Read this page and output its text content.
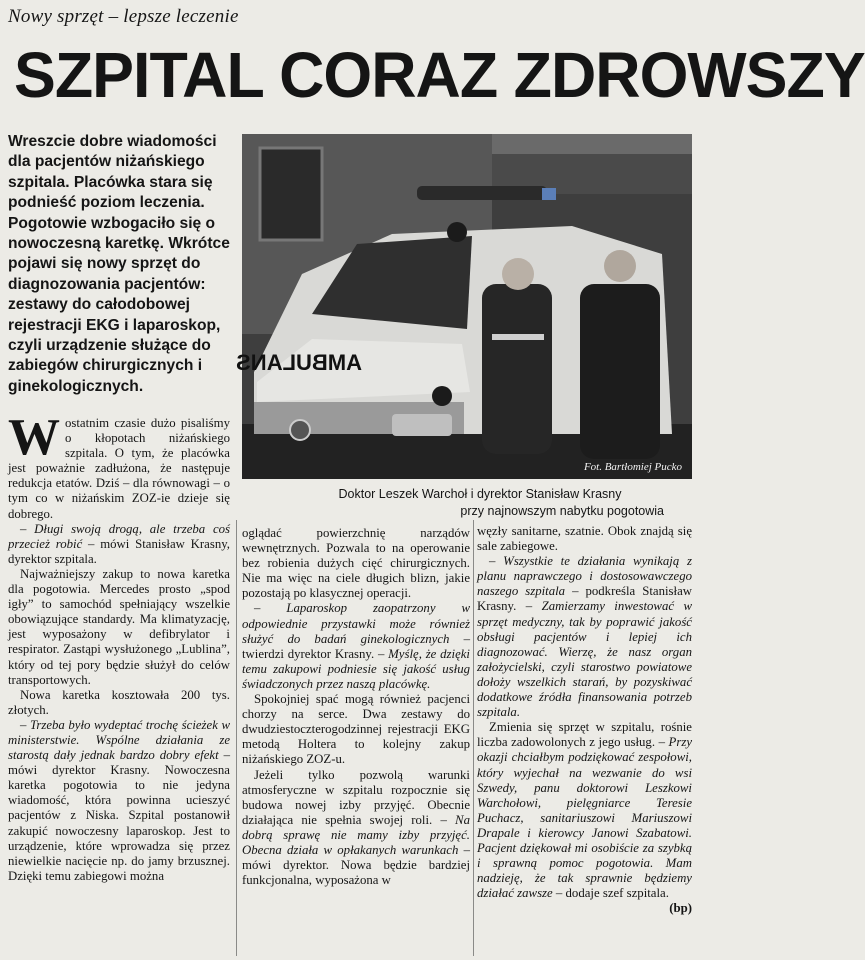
Nowy sprzęt – lepsze leczenie
SZPITAL CORAZ ZDROWSZY
Wreszcie dobre wiadomości dla pacjentów niżańskiego szpitala. Placówka stara się podnieść poziom leczenia. Pogotowie wzbogaciło się o nowoczesną karetkę. Wkrótce pojawi się nowy sprzęt do diagnozowania pacjentów: zestawy do całodobowej rejestracji EKG i laparoskop, czyli urządzenie służące do zabiegów chirurgicznych i ginekologicznych.
AMBULANS
Fot. Bartłomiej Pucko
Doktor Leszek Warchoł i dyrektor Stanisław Krasny
przy najnowszym nabytku pogotowia

Wostatnim czasie dużo pisaliśmy o kłopotach niżańskiego szpitala. O tym, że placówka jest poważnie zadłużona, że następuje redukcja etatów. Dziś – dla równowagi – o tym co w niżańskim ZOZ-ie dzieje się dobrego.

– Długi swoją drogą, ale trzeba coś przecież robić – mówi Stanisław Krasny, dyrektor szpitala.

Najważniejszy zakup to nowa karetka dla pogotowia. Mercedes prosto „spod igły” to samochód spełniający wszelkie obowiązujące standardy. Ma klimatyzację, jest wyposażony w defibrylator i respirator. Zastąpi wysłużonego „Lublina”, który od tej pory będzie służył do celów transportowych.

Nowa karetka kosztowała 200 tys. złotych.

– Trzeba było wydeptać trochę ścieżek w ministerstwie. Wspólne działania ze starostą dały jednak bardzo dobry efekt – mówi dyrektor Krasny. Nowoczesna karetka pogotowia to nie jedyna wiadomość, która powinna ucieszyć pacjentów z Niska. Szpital postanowił zakupić nowoczesny laparoskop. Jest to urządzenie, które wprowadza się przez niewielkie nacięcie np. do jamy brzusznej. Dzięki temu zabiegowi można

oglądać powierzchnię narządów wewnętrznych. Pozwala to na operowanie bez robienia dużych cięć chirurgicznych. Nie ma więc na ciele długich blizn, jakie pozostają po klasycznej operacji.

– Laparoskop zaopatrzony w odpowiednie przystawki może również służyć do badań ginekologicznych – twierdzi dyrektor Krasny. – Myślę, że dzięki temu zakupowi podniesie się jakość usług świadczonych przez naszą placówkę.

Spokojniej spać mogą również pacjenci chorzy na serce. Dwa zestawy do dwudziestoczterogodzinnej rejestracji EKG metodą Holtera to kolejny zakup niżańskiego ZOZ-u.

Jeżeli tylko pozwolą warunki atmosferyczne w szpitalu rozpocznie się budowa nowej izby przyjęć. Obecnie działająca nie spełnia swojej roli. – Na dobrą sprawę nie mamy izby przyjęć. Obecna działa w opłakanych warunkach – mówi dyrektor. Nowa będzie bardziej funkcjonalna, wyposażona w

węzły sanitarne, szatnie. Obok znajdą się sale zabiegowe.

– Wszystkie te działania wynikają z planu naprawczego i dostosowawczego naszego szpitala – podkreśla Stanisław Krasny. – Zamierzamy inwestować w sprzęt medyczny, tak by poprawić jakość obsługi pacjentów i lepiej ich diagnozować. Wierzę, że nasz organ założycielski, czyli starostwo powiatowe dołoży wszelkich starań, by pozyskiwać dodatkowe źródła finansowania potrzeb szpitala.

Zmienia się sprzęt w szpitalu, rośnie liczba zadowolonych z jego usług. – Przy okazji chciałbym podziękować zespołowi, który wyjechał na wezwanie do wsi Szwedy, panu doktorowi Leszkowi Warchołowi, pielęgniarce Teresie Puchacz, sanitariuszowi Mariuszowi Drapale i kierowcy Janowi Szabatowi. Pacjent dziękował mi osobiście za szybką i sprawną pomoc pogotowia. Mam nadzieję, że tak sprawnie będziemy działać zawsze – dodaje szef szpitala.
(bp)
